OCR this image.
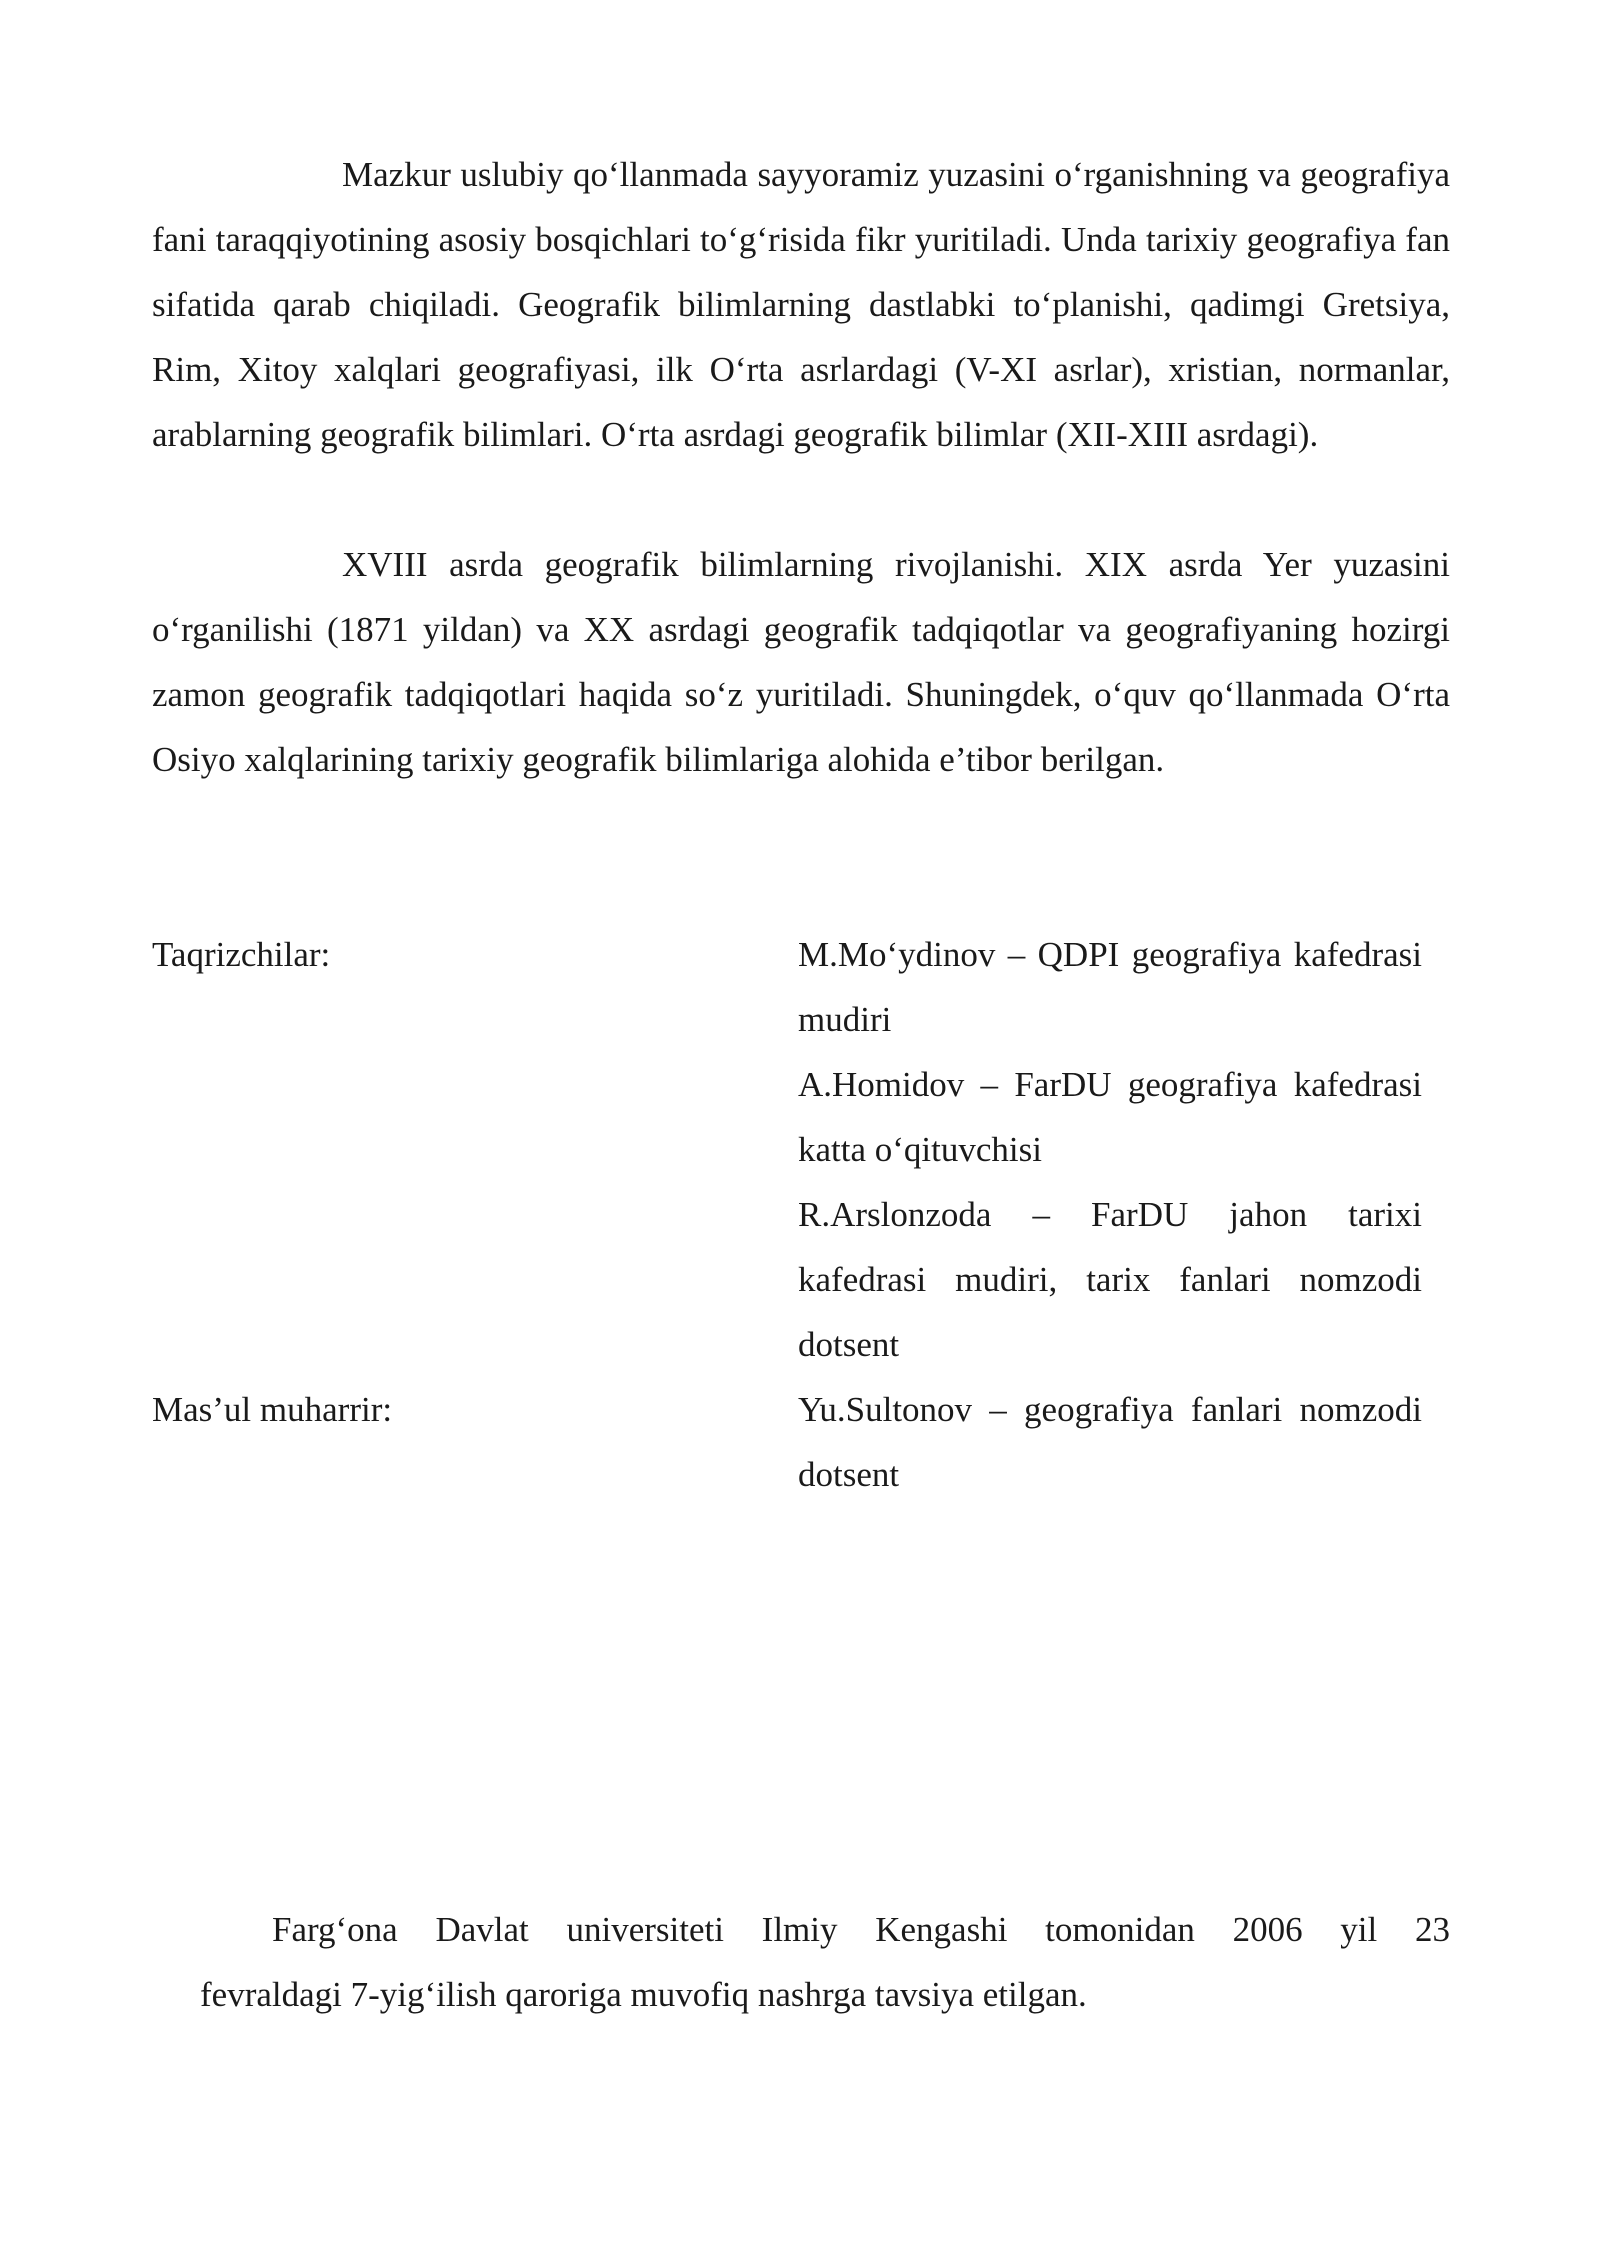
Mazkur uslubiy qo‘llanmada sayyoramiz yuzasini o‘rganishning va geografiya fani taraqqiyotining asosiy bosqichlari to‘g‘risida fikr yuritiladi. Unda tarixiy geografiya fan sifatida qarab chiqiladi. Geografik bilimlarning dastlabki to‘planishi, qadimgi Gretsiya, Rim, Xitoy xalqlari geografiyasi, ilk O‘rta asrlardagi (V-XI asrlar), xristian, normanlar, arablarning geografik bilimlari. O‘rta asrdagi geografik bilimlar (XII-XIII asrdagi).

XVIII asrda geografik bilimlarning rivojlanishi. XIX asrda Yer yuzasini o‘rganilishi (1871 yildan) va XX asrdagi geografik tadqiqotlar va geografiyaning hozirgi zamon geografik tadqiqotlari haqida so‘z yuritiladi. Shuningdek, o‘quv qo‘llanmada O‘rta Osiyo xalqlarining tarixiy geografik bilimlariga alohida e’tibor berilgan.

Taqrizchilar:	M.Mo‘ydinov – QDPI geografiya kafedrasi mudiri

A.Homidov – FarDU geografiya kafedrasi katta o‘qituvchisi

R.Arslonzoda – FarDU jahon tarixi kafedrasi mudiri, tarix fanlari nomzodi dotsent

Mas’ul muharrir:	Yu.Sultonov – geografiya fanlari nomzodi dotsent

Farg‘ona Davlat universiteti Ilmiy Kengashi tomonidan 2006 yil 23
fevraldagi 7-yig‘ilish qaroriga muvofiq nashrga tavsiya etilgan.
